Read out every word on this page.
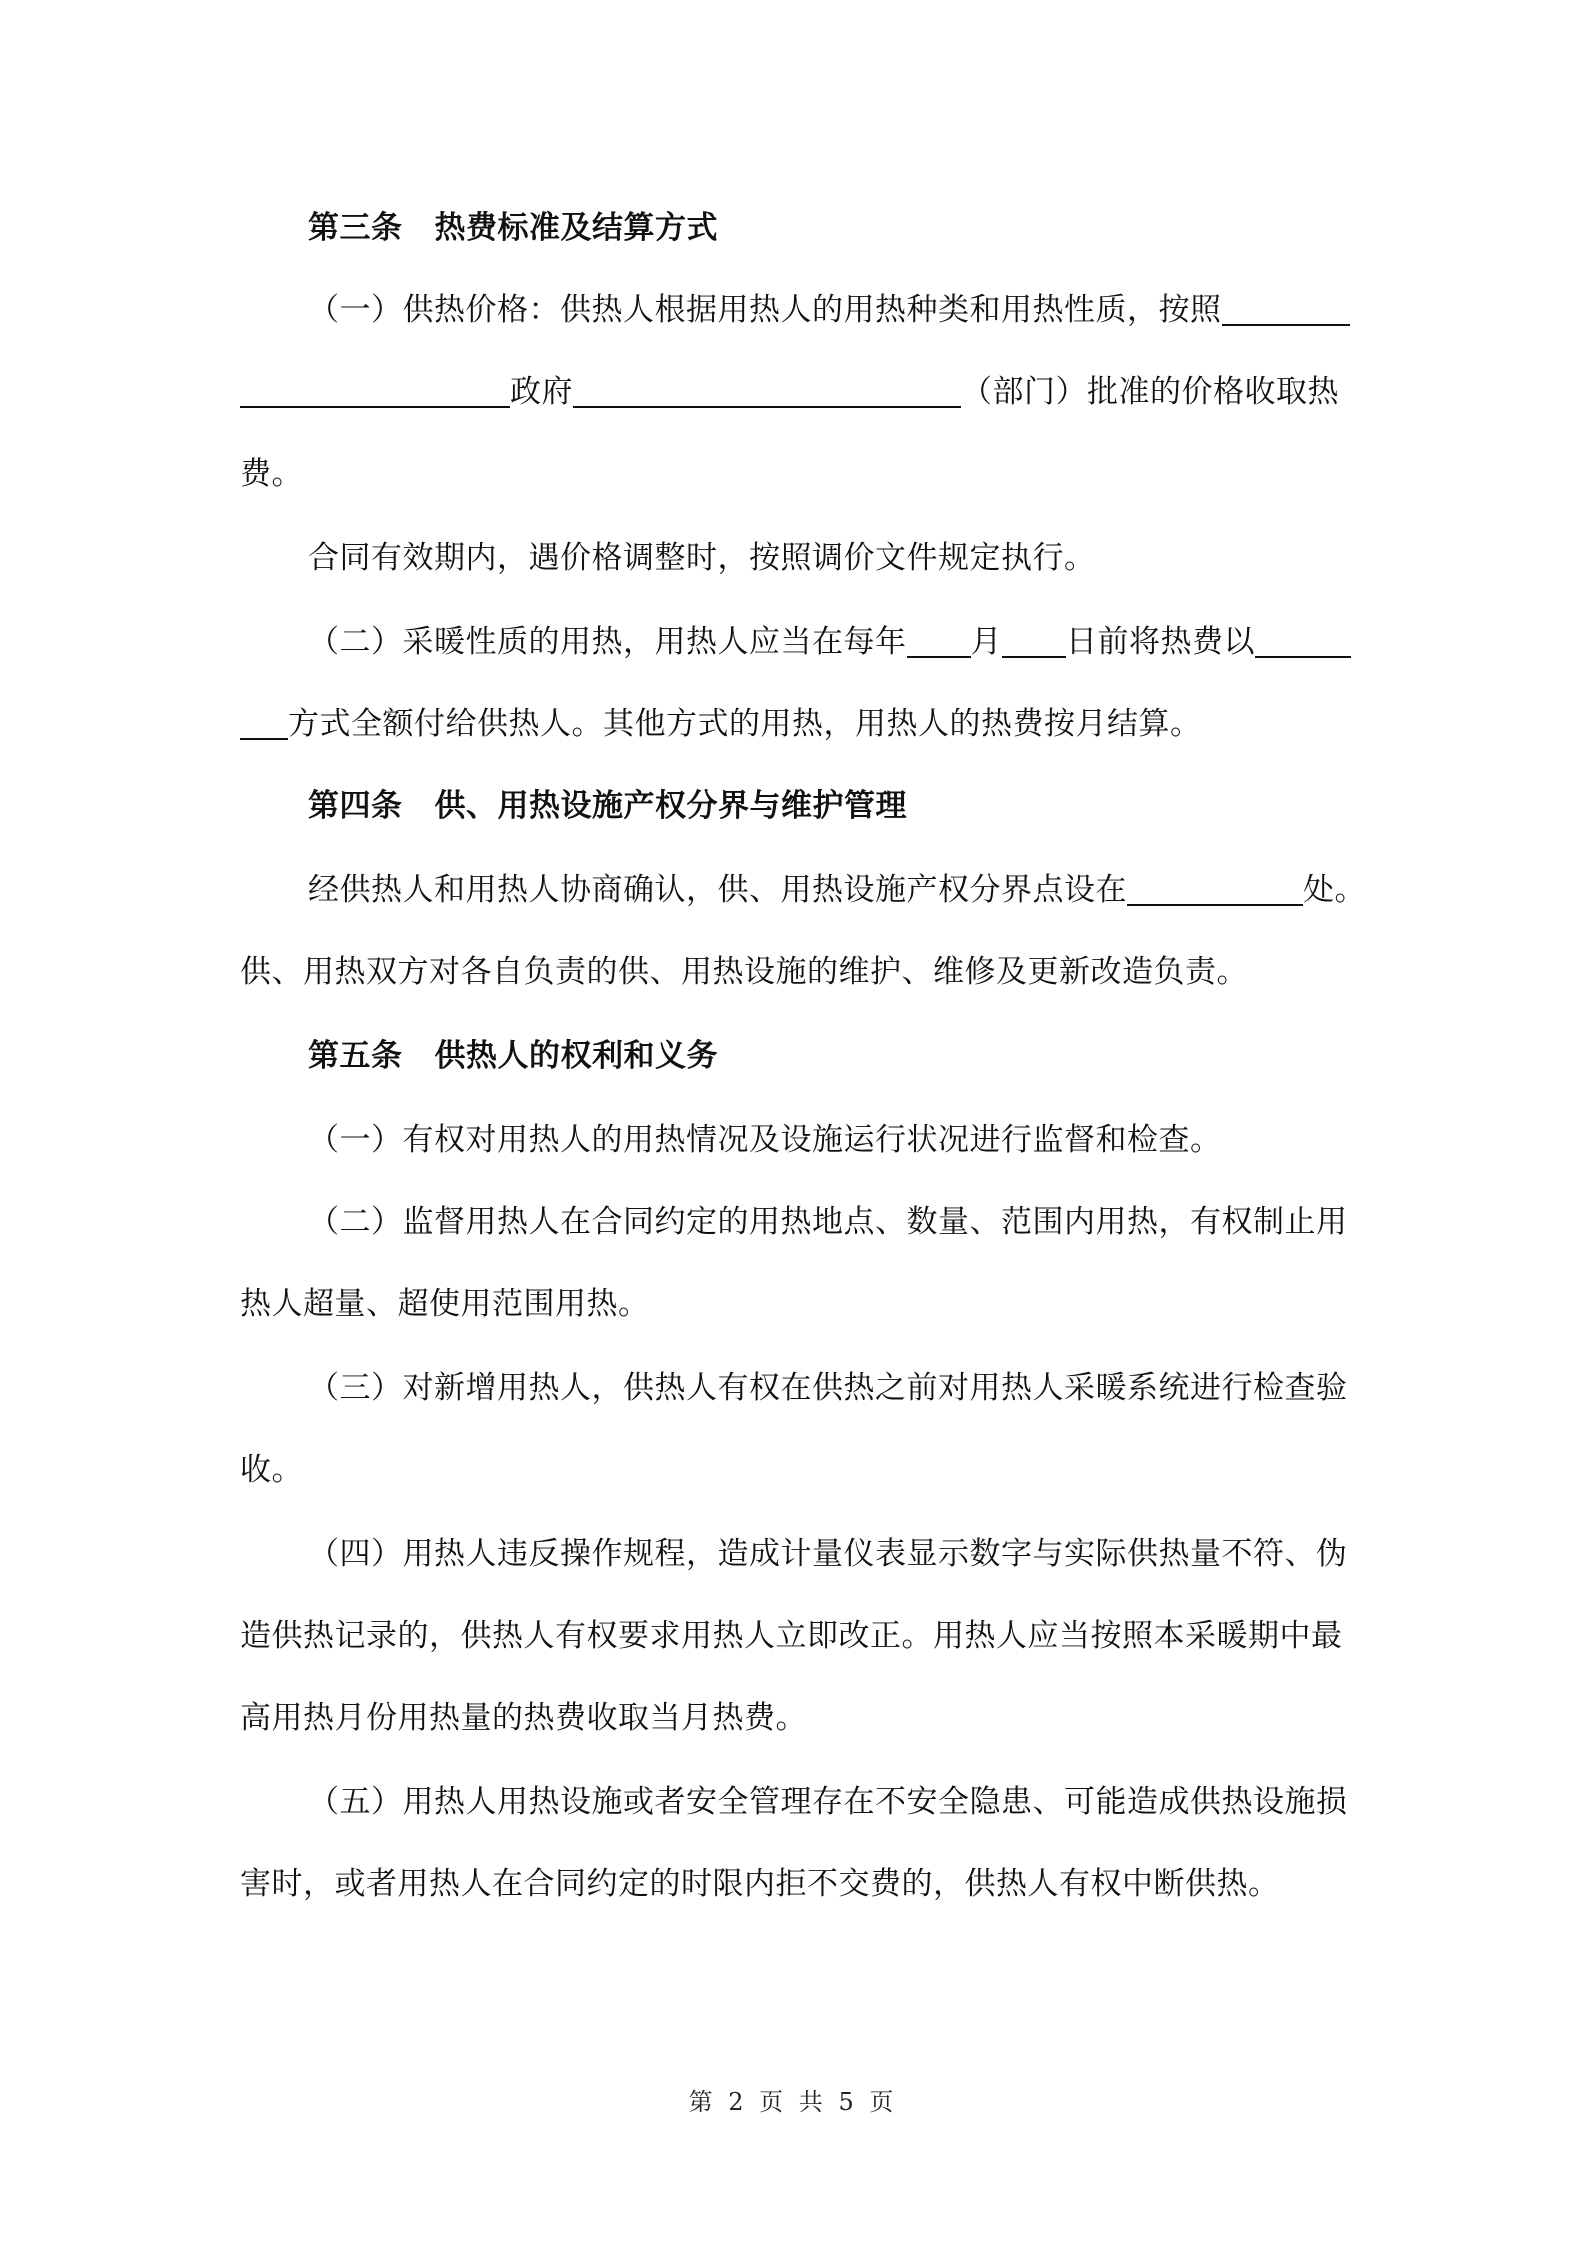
第三条 热费标准及结算方式
（一）供热价格：供热人根据用热人的用热种类和用热性质，按照
政府	（部门）批准的价格收取热
费。
合同有效期内，遇价格调整时，按照调价文件规定执行。
（二）采暖性质的用热，用热人应当在每年 月 日前将热费以
方式全额付给供热人。其他方式的用热，用热人的热费按月结算。
第四条 供、用热设施产权分界与维护管理
经供热人和用热人协商确认，供、用热设施产权分界点设在	处。
供、用热双方对各自负责的供、用热设施的维护、维修及更新改造负责。
第五条 供热人的权利和义务
（一）有权对用热人的用热情况及设施运行状况进行监督和检查。
（二）监督用热人在合同约定的用热地点、数量、范围内用热，有权制止用
热人超量、超使用范围用热。
（三）对新增用热人，供热人有权在供热之前对用热人采暖系统进行检查验
收。
（四）用热人违反操作规程，造成计量仪表显示数字与实际供热量不符、伪
造供热记录的，供热人有权要求用热人立即改正。用热人应当按照本采暖期中最
高用热月份用热量的热费收取当月热费。
（五）用热人用热设施或者安全管理存在不安全隐患、可能造成供热设施损
害时，或者用热人在合同约定的时限内拒不交费的，供热人有权中断供热。
第 2 页 共 5 页
